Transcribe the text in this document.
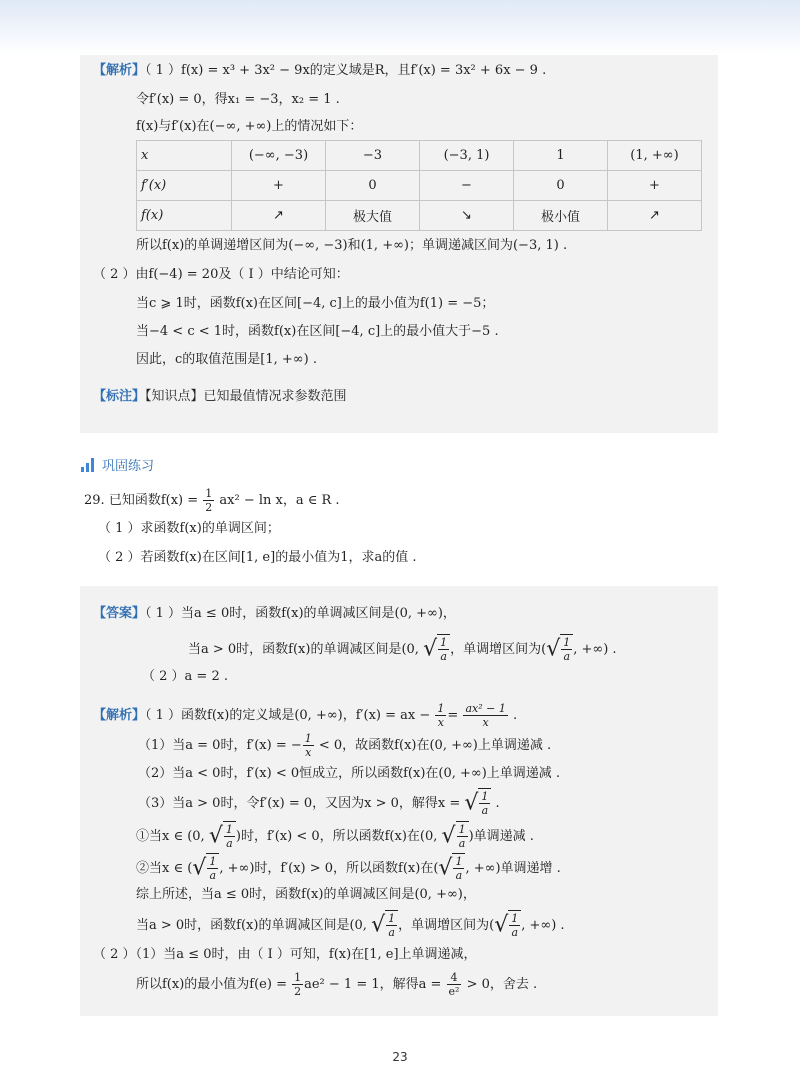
【解析】（ 1 ）f(x) = x³ + 3x² − 9x的定义域是R，且f′(x) = 3x² + 6x − 9 .
令f′(x) = 0，得x₁ = −3，x₂ = 1 .
f(x)与f′(x)在(−∞, +∞)上的情况如下：
x	(−∞, −3)	−3	(−3, 1)	1	(1, +∞)
f′(x)	+	0	−	0	+
f(x)	↗	极大值	↘	极小值	↗
所以f(x)的单调递增区间为(−∞, −3)和(1, +∞)；单调递减区间为(−3, 1) .
（ 2 ）由f(−4) = 20及（ I ）中结论可知：
当c ⩾ 1时，函数f(x)在区间[−4, c]上的最小值为f(1) = −5；
当−4 < c < 1时，函数f(x)在区间[−4, c]上的最小值大于−5 .
因此，c的取值范围是[1, +∞) .
【标注】【知识点】已知最值情况求参数范围
巩固练习
29. 已知函数$f(x) = \frac{1}{2} ax^2 - \ln x$，a ∈ R .
（ 1 ）求函数f(x)的单调区间；
（ 2 ）若函数f(x)在区间[1, e]的最小值为1，求a的值 .
【答案】（ 1 ）当a ≤ 0时，函数f(x)的单调减区间是(0, +∞)，
当a > 0时，函数f(x)的单调减区间是(0, √ $\frac{1}{a}$ ，单调增区间为(√ $\frac{1}{a}$ , +∞) .
（ 2 ）a = 2 .
【解析】（ 1 ）函数f(x)的定义域是(0, +∞)，f′(x) = ax − $\frac{1}{x} = \frac{\text{ax² − 1}}{x}$ .
（1）当a = 0时，f′(x) = − $\frac{1}{x} < 0$，故函数f(x)在(0, +∞)上单调递减 .
（2）当a < 0时，f′(x) < 0恒成立，所以函数f(x)在(0, +∞)上单调递减 .
（3）当a > 0时，令f′(x) = 0，又因为x > 0，解得x = √ $\frac{1}{a}$ .
①当x ∈ (0, √ $\frac{1}{a}$ )时，f′(x) < 0，所以函数f(x)在(0, √ $\frac{1}{a}$ )单调递减 .
②当x ∈ (√ $\frac{1}{a}$ , +∞)时，f′(x) > 0，所以函数f(x)在(√ $\frac{1}{a}$ , +∞)单调递增 .
综上所述，当a ≤ 0时，函数f(x)的单调减区间是(0, +∞)，
当a > 0时，函数f(x)的单调减区间是(0, √ $\frac{1}{a}$ ，单调增区间为(√ $\frac{1}{a}$ , +∞) .
（ 2 ）（1）当a ≤ 0时，由（ I ）可知，f(x)在[1, e]上单调递减，
所以f(x)的最小值为$f(e) = \frac{1}{2} ae^2 - 1 = 1$，解得$a = \frac{4}{\text{e²}} > 0$，舍去 .
23
